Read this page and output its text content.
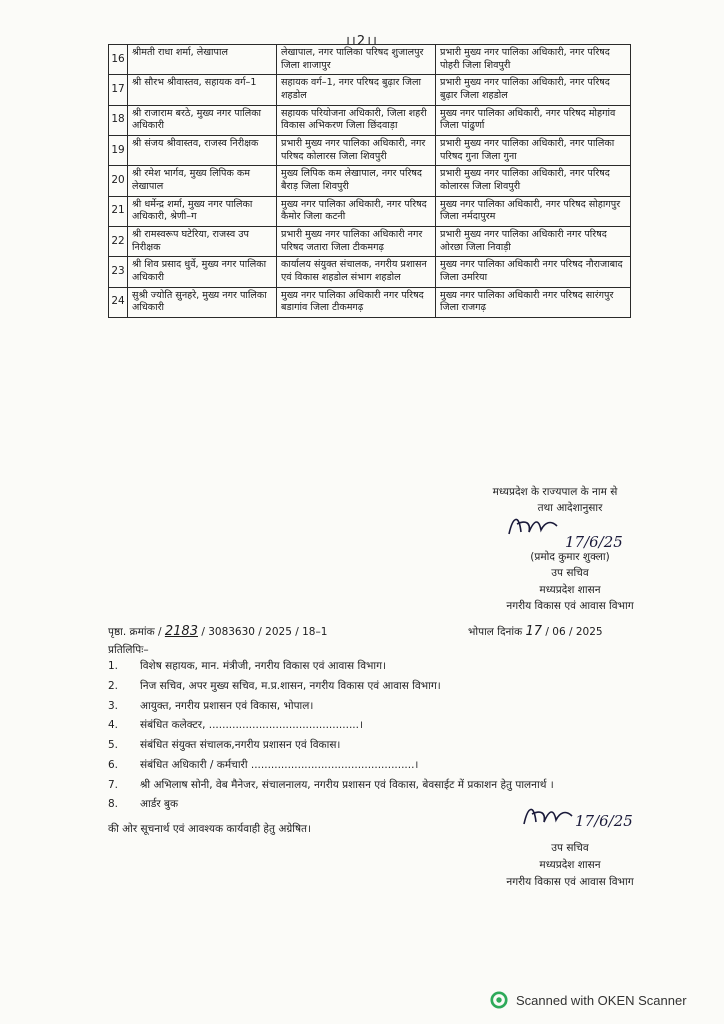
।।2।।
16	श्रीमती राधा शर्मा, लेखापाल	लेखापाल, नगर पालिका परिषद शुजालपुर जिला शाजापुर	प्रभारी मुख्य नगर पालिका अधिकारी, नगर परिषद पोहरी जिला शिवपुरी
17	श्री सौरभ श्रीवास्तव, सहायक वर्ग–1	सहायक वर्ग–1, नगर परिषद बुढ़ार जिला शहडोल	प्रभारी मुख्य नगर पालिका अधिकारी, नगर परिषद बुढ़ार जिला शहडोल
18	श्री राजाराम बरठे, मुख्य नगर पालिका अधिकारी	सहायक परियोजना अधिकारी, जिला शहरी विकास अभिकरण जिला छिंदवाड़ा	मुख्य नगर पालिका अधिकारी, नगर परिषद मोहगांव जिला पांढुर्णा
19	श्री संजय श्रीवास्तव, राजस्व निरीक्षक	प्रभारी मुख्य नगर पालिका अधिकारी, नगर परिषद कोलारस जिला शिवपुरी	प्रभारी मुख्य नगर पालिका अधिकारी, नगर पालिका परिषद गुना जिला गुना
20	श्री रमेश भार्गव, मुख्य लिपिक कम लेखापाल	मुख्य लिपिक कम लेखापाल, नगर परिषद बैराड़ जिला शिवपुरी	प्रभारी मुख्य नगर पालिका अधिकारी, नगर परिषद कोलारस जिला शिवपुरी
21	श्री धर्मेन्द्र शर्मा, मुख्य नगर पालिका अधिकारी, श्रेणी–ग	मुख्य नगर पालिका अधिकारी, नगर परिषद कैमोर जिला कटनी	मुख्य नगर पालिका अधिकारी, नगर परिषद सोहागपुर जिला नर्मदापुरम
22	श्री रामस्वरूप घटेरिया, राजस्व उप निरीक्षक	प्रभारी मुख्य नगर पालिका अधिकारी नगर परिषद जतारा जिला टीकमगढ़	प्रभारी मुख्य नगर पालिका अधिकारी नगर परिषद ओरछा जिला निवाड़ी
23	श्री शिव प्रसाद धुर्वे, मुख्य नगर पालिका अधिकारी	कार्यालय संयुक्त संचालक, नगरीय प्रशासन एवं विकास शहडोल संभाग शहडोल	मुख्य नगर पालिका अधिकारी नगर परिषद नौराजाबाद जिला उमरिया
24	सुश्री ज्योति सुनहरे, मुख्य नगर पालिका अधिकारी	मुख्य नगर पालिका अधिकारी नगर परिषद बडागांव जिला टीकमगढ़	मुख्य नगर पालिका अधिकारी नगर परिषद सारंगपुर जिला राजगढ़
मध्यप्रदेश के राज्यपाल के नाम से
तथा आदेशानुसार
17/6/25
(प्रमोद कुमार शुक्ला)
उप सचिव
मध्यप्रदेश शासन
नगरीय विकास एवं आवास विभाग
पृष्ठा. क्रमांक / 2183 / 3083630 / 2025 / 18–1	भोपाल दिनांक 17 / 06 / 2025
प्रतिलिपिः–
1.	विशेष सहायक, मान. मंत्रीजी, नगरीय विकास एवं आवास विभाग।
2.	निज सचिव, अपर मुख्य सचिव, म.प्र.शासन, नगरीय विकास एवं आवास विभाग।
3.	आयुक्त, नगरीय प्रशासन एवं विकास, भोपाल।
4.	संबंधित कलेक्टर, .............................................।
5.	संबंधित संयुक्त संचालक,नगरीय प्रशासन एवं विकास।
6.	संबंधित अधिकारी / कर्मचारी .................................................।
7.	श्री अभिलाष सोनी, वेब मैनेजर, संचालनालय, नगरीय प्रशासन एवं विकास, बेवसाईट में प्रकाशन हेतु पालनार्थ ।
8.	आर्डर बुक
की ओर सूचनार्थ एवं आवश्यक कार्यवाही हेतु अग्रेषित।	17/6/25
उप सचिव
मध्यप्रदेश शासन
नगरीय विकास एवं आवास विभाग
Scanned with OKEN Scanner
